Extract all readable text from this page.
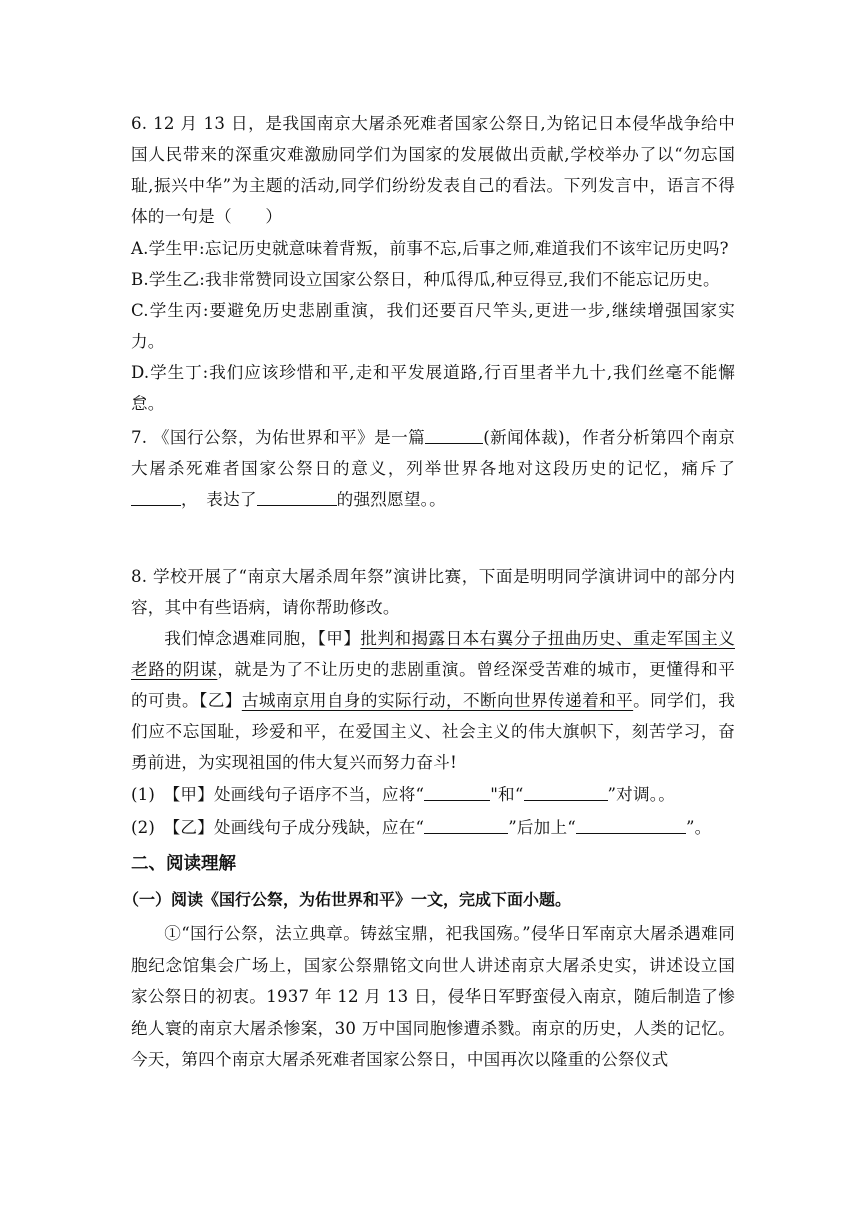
6. 12 月 13 日，是我国南京大屠杀死难者国家公祭日,为铭记日本侵华战争给中国人民带来的深重灾难激励同学们为国家的发展做出贡献,学校举办了以“勿忘国耻,振兴中华”为主题的活动,同学们纷纷发表自己的看法。下列发言中，语言不得体的一句是（　　）

A.学生甲:忘记历史就意味着背叛，前事不忘,后事之师,难道我们不该牢记历史吗?

B.学生乙:我非常赞同设立国家公祭日，种瓜得瓜,种豆得豆,我们不能忘记历史。

C.学生丙:要避免历史悲剧重演，我们还要百尺竿头,更进一步,继续增强国家实力。

D.学生丁:我们应该珍惜和平,走和平发展道路,行百里者半九十,我们丝毫不能懈怠。

7. 《国行公祭，为佑世界和平》是一篇	(新闻体裁)，作者分析第四个南京大屠杀死难者国家公祭日的意义，列举世界各地对这段历史的记忆，痛斥了，　表达了	的强烈愿望。。

8. 学校开展了“南京大屠杀周年祭”演讲比赛，下面是明明同学演讲词中的部分内容，其中有些语病，请你帮助修改。

我们悼念遇难同胞，【甲】批判和揭露日本右翼分子扭曲历史、重走军国主义老路的阴谋，就是为了不让历史的悲剧重演。曾经深受苦难的城市，更懂得和平的可贵。【乙】古城南京用自身的实际行动，不断向世界传递着和平。同学们，我们应不忘国耻，珍爱和平，在爱国主义、社会主义的伟大旗帜下，刻苦学习，奋勇前进，为实现祖国的伟大复兴而努力奋斗!

(1)　【甲】处画线句子语序不当，应将“	"和“	”对调。。

(2)　【乙】处画线句子成分残缺，应在“	”后加上“	”。

二、阅读理解
（一）阅读《国行公祭，为佑世界和平》一文，完成下面小题。

①“国行公祭，法立典章。铸兹宝鼎，祀我国殇。”侵华日军南京大屠杀遇难同胞纪念馆集会广场上，国家公祭鼎铭文向世人讲述南京大屠杀史实，讲述设立国家公祭日的初衷。1937 年 12 月 13 日，侵华日军野蛮侵入南京，随后制造了惨绝人寰的南京大屠杀惨案，30 万中国同胞惨遭杀戮。南京的历史，人类的记忆。今天，第四个南京大屠杀死难者国家公祭日，中国再次以隆重的公祭仪式
